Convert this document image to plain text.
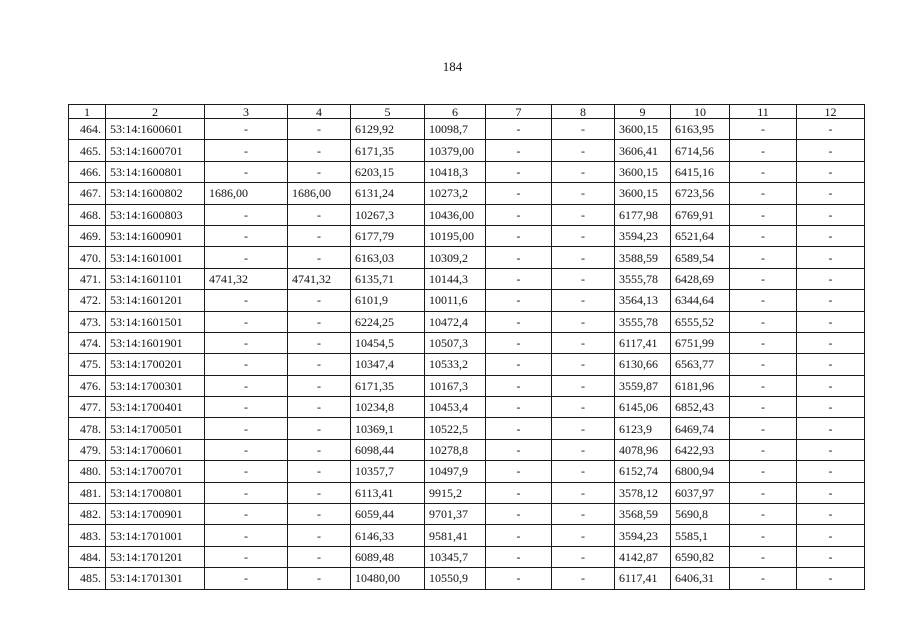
184
1	2	3	4	5	6	7	8	9	10	11	12
464.	53:14:1600601	-	-	6129,92	10098,7	-	-	3600,15	6163,95	-	-
465.	53:14:1600701	-	-	6171,35	10379,00	-	-	3606,41	6714,56	-	-
466.	53:14:1600801	-	-	6203,15	10418,3	-	-	3600,15	6415,16	-	-
467.	53:14:1600802	1686,00	1686,00	6131,24	10273,2	-	-	3600,15	6723,56	-	-
468.	53:14:1600803	-	-	10267,3	10436,00	-	-	6177,98	6769,91	-	-
469.	53:14:1600901	-	-	6177,79	10195,00	-	-	3594,23	6521,64	-	-
470.	53:14:1601001	-	-	6163,03	10309,2	-	-	3588,59	6589,54	-	-
471.	53:14:1601101	4741,32	4741,32	6135,71	10144,3	-	-	3555,78	6428,69	-	-
472.	53:14:1601201	-	-	6101,9	10011,6	-	-	3564,13	6344,64	-	-
473.	53:14:1601501	-	-	6224,25	10472,4	-	-	3555,78	6555,52	-	-
474.	53:14:1601901	-	-	10454,5	10507,3	-	-	6117,41	6751,99	-	-
475.	53:14:1700201	-	-	10347,4	10533,2	-	-	6130,66	6563,77	-	-
476.	53:14:1700301	-	-	6171,35	10167,3	-	-	3559,87	6181,96	-	-
477.	53:14:1700401	-	-	10234,8	10453,4	-	-	6145,06	6852,43	-	-
478.	53:14:1700501	-	-	10369,1	10522,5	-	-	6123,9	6469,74	-	-
479.	53:14:1700601	-	-	6098,44	10278,8	-	-	4078,96	6422,93	-	-
480.	53:14:1700701	-	-	10357,7	10497,9	-	-	6152,74	6800,94	-	-
481.	53:14:1700801	-	-	6113,41	9915,2	-	-	3578,12	6037,97	-	-
482.	53:14:1700901	-	-	6059,44	9701,37	-	-	3568,59	5690,8	-	-
483.	53:14:1701001	-	-	6146,33	9581,41	-	-	3594,23	5585,1	-	-
484.	53:14:1701201	-	-	6089,48	10345,7	-	-	4142,87	6590,82	-	-
485.	53:14:1701301	-	-	10480,00	10550,9	-	-	6117,41	6406,31	-	-
